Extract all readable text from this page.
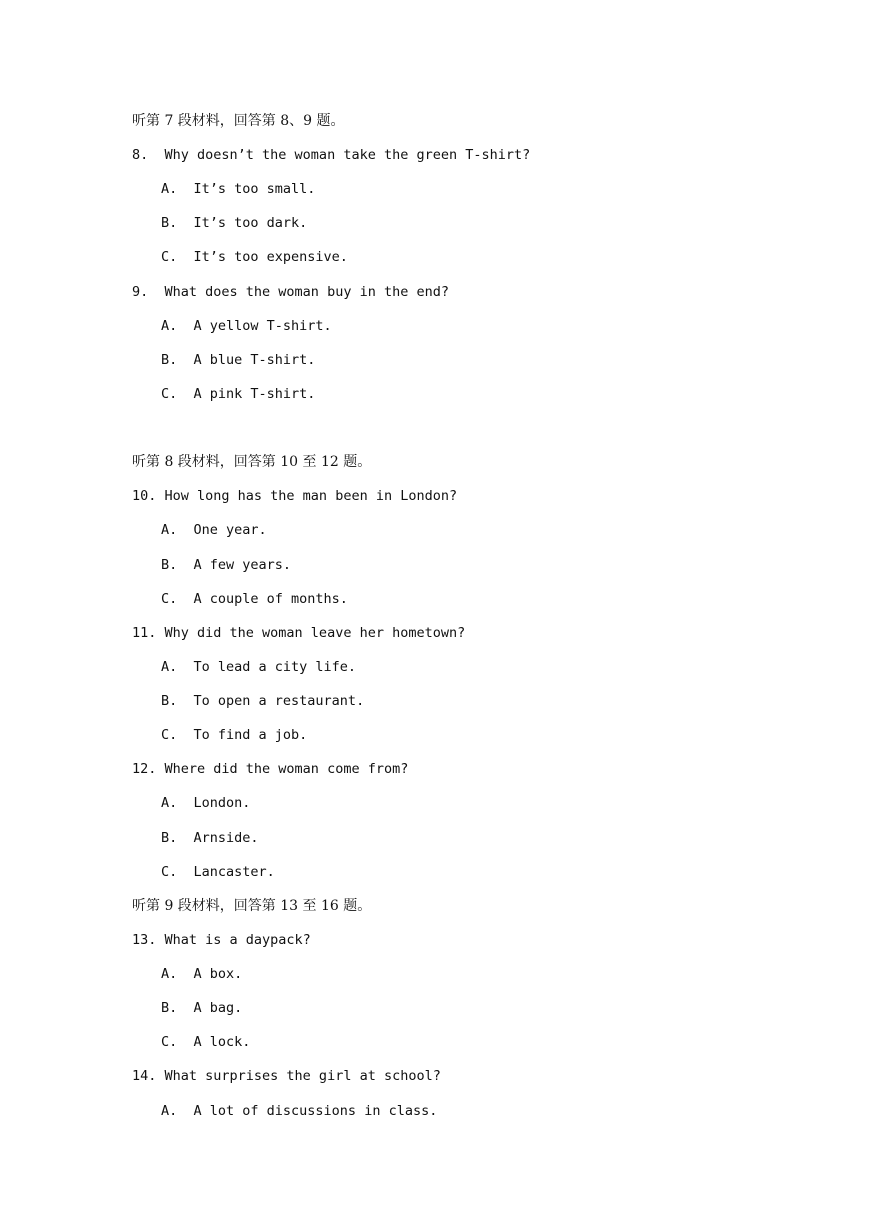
听第 7 段材料，回答第 8、9 题。
8.  Why doesn’t the woman take the green T-shirt?
A.  It’s too small.
B.  It’s too dark.
C.  It’s too expensive.
9.  What does the woman buy in the end?
A.  A yellow T-shirt.
B.  A blue T-shirt.
C.  A pink T-shirt.
听第 8 段材料，回答第 10 至 12 题。
10. How long has the man been in London?
A.  One year.
B.  A few years.
C.  A couple of months.
11. Why did the woman leave her hometown?
A.  To lead a city life.
B.  To open a restaurant.
C.  To find a job.
12. Where did the woman come from?
A.  London.
B.  Arnside.
C.  Lancaster.
听第 9 段材料，回答第 13 至 16 题。
13. What is a daypack?
A.  A box.
B.  A bag.
C.  A lock.
14. What surprises the girl at school?
A.  A lot of discussions in class.
